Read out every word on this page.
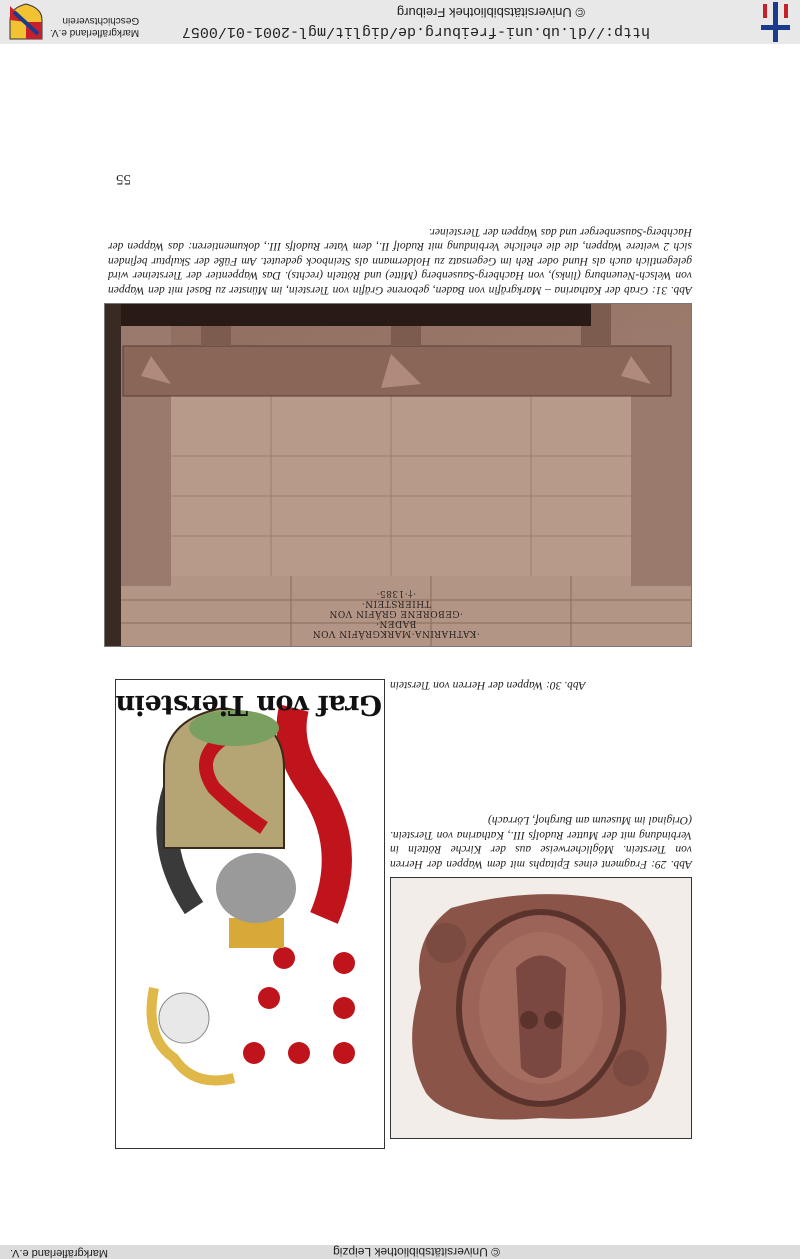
http://dl.ub.uni-freiburg.de/diglit/mgl-2001-01/0057
© Universitätsbibliothek Freiburg
Markgräflerland e.V.
Geschichtsverein
© Universitätsbibliothek Leipzig
Markgräflerland e.V.
Abb. 29: Fragment eines Epitaphs mit dem Wappen der Herren von Tierstein. Möglicherweise aus der Kirche Rötteln in Verbindung mit der Mutter Rudolfs III., Katharina von Tierstein. (Original im Museum am Burghof, Lörrach)
Abb. 30: Wappen der Herren von Tierstein
Graf von Tierstein
·KATHARINA·MARKGRÄFIN VON BADEN·
·GEBORENE GRÄFIN VON THIERSTEIN·
·†·1385·
Abb. 31: Grab der Katharina – Markgräfin von Baden, geborene Gräfin von Tierstein, im Münster zu Basel mit den Wappen von Welsch-Neuenburg (links), von Hachberg-Sausenberg (Mitte) und Rötteln (rechts). Das Wappentier der Tiersteiner wird gelegentlich auch als Hund oder Reh im Gegensatz zu Holdermann als Steinbock gedeutet. Am Füße der Skulptur befinden sich 2 weitere Wappen, die die eheliche Verbindung mit Rudolf II., dem Vater Rudolfs III., dokumentieren: das Wappen der Hachberg-Sausenberger und das Wappen der Tiersteiner.
55
